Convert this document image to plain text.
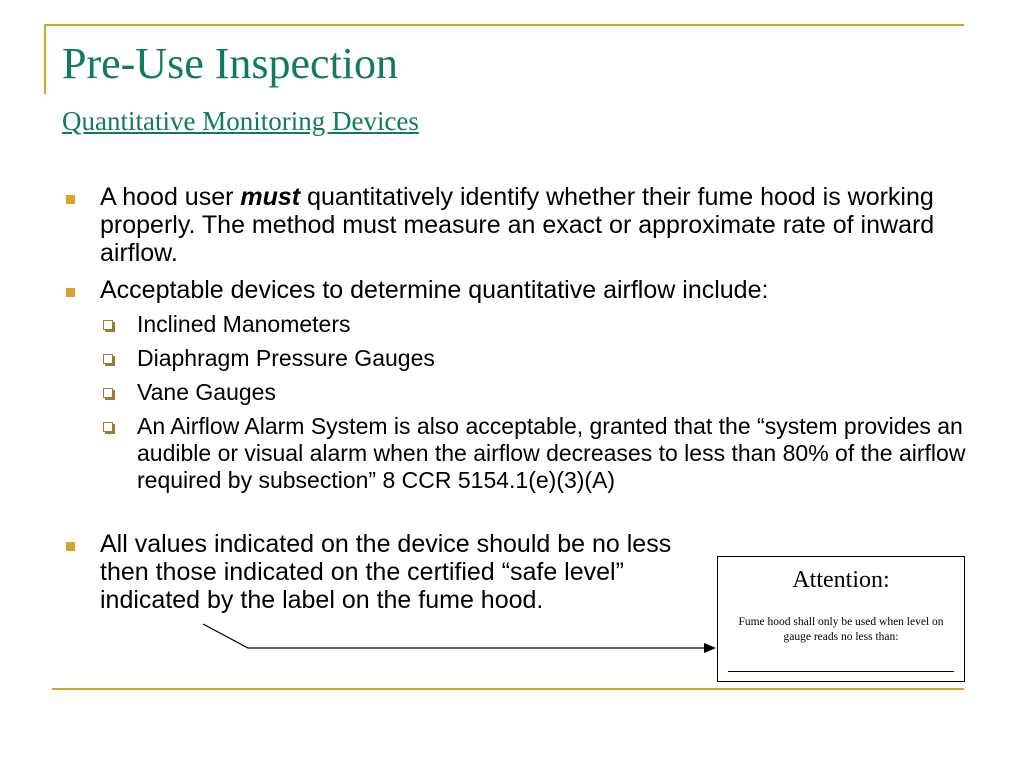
Pre-Use Inspection
Quantitative Monitoring Devices
A hood user must quantitatively identify whether their fume hood is working properly. The method must measure an exact or approximate rate of inward airflow.
Acceptable devices to determine quantitative airflow include:
Inclined Manometers
Diaphragm Pressure Gauges
Vane Gauges
An Airflow Alarm System is also acceptable, granted that the “system provides an audible or visual alarm when the airflow decreases to less than 80% of the airflow required by subsection” 8 CCR 5154.1(e)(3)(A)
All values indicated on the device should be no less then those indicated on the certified “safe level” indicated by the label on the fume hood.
Attention:
Fume hood shall only be used when level on gauge reads no less than:
